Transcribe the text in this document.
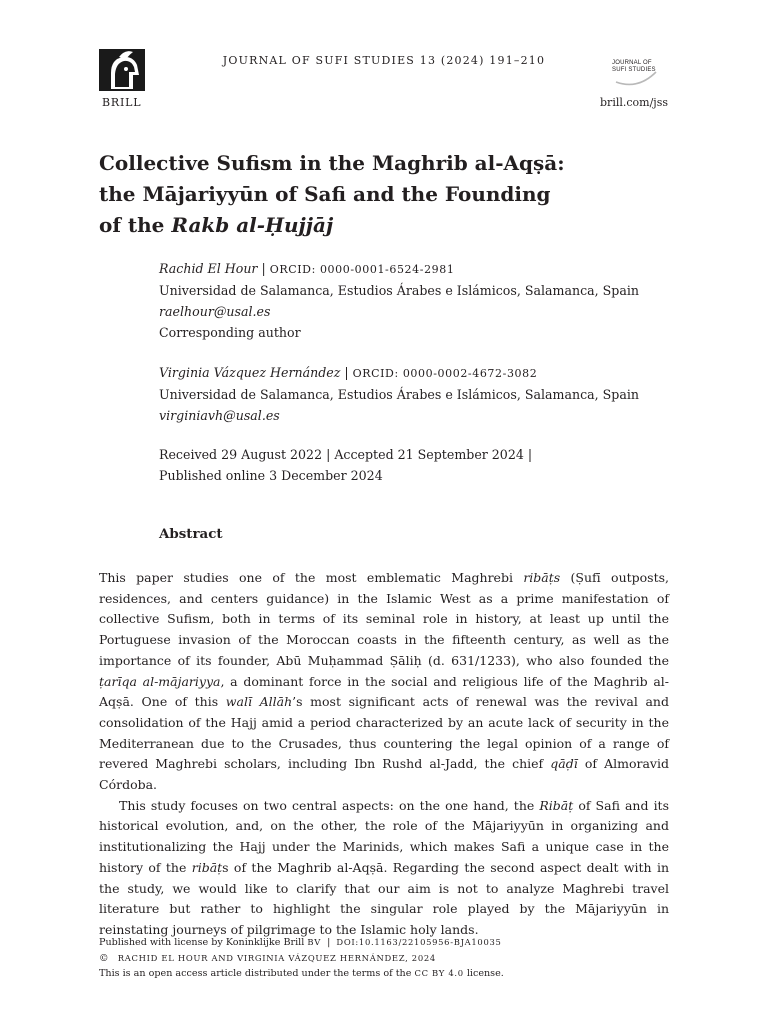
BRILL
JOURNAL OF SUFI STUDIES 13 (2024) 191–210	JOURNAL OF
SUFI STUDIES
brill.com/jss
Collective Sufism in the Maghrib al-Aqṣā:
the Mājariyyūn of Safi and the Founding
of the Rakb al-Ḥujjāj
Rachid El Hour | ORCID: 0000-0001-6524-2981
Universidad de Salamanca, Estudios Árabes e Islámicos, Salamanca, Spain
raelhour@usal.es
Corresponding author
Virginia Vázquez Hernández | ORCID: 0000-0002-4672-3082
Universidad de Salamanca, Estudios Árabes e Islámicos, Salamanca, Spain
virginiavh@usal.es
Received 29 August 2022 | Accepted 21 September 2024 |
Published online 3 December 2024
Abstract

This paper studies one of the most emblematic Maghrebi ribāṭs (Ṣufī outposts, residences, and centers guidance) in the Islamic West as a prime manifestation of collective Sufism, both in terms of its seminal role in history, at least up until the Portuguese invasion of the Moroccan coasts in the fifteenth century, as well as the importance of its founder, Abū Muḥammad Ṣāliḥ (d. 631/1233), who also founded the ṭarīqa al-mājariyya, a dominant force in the social and religious life of the Maghrib al-Aqṣā. One of this walī Allāh’s most significant acts of renewal was the revival and consolidation of the Hajj amid a period characterized by an acute lack of security in the Mediterranean due to the Crusades, thus countering the legal opinion of a range of revered Maghrebi scholars, including Ibn Rushd al-Jadd, the chief qāḍī of Almoravid Córdoba.

This study focuses on two central aspects: on the one hand, the Ribāṭ of Safi and its historical evolution, and, on the other, the role of the Mājariyyūn in organizing and institutionalizing the Hajj under the Marinids, which makes Safi a unique case in the history of the ribāṭs of the Maghrib al-Aqṣā. Regarding the second aspect dealt with in the study, we would like to clarify that our aim is not to analyze Maghrebi travel literature but rather to highlight the singular role played by the Mājariyyūn in reinstating journeys of pilgrimage to the Islamic holy lands.

Published with license by Koninklijke Brill BV | DOI:10.1163/22105956-BJA10035
© RACHID EL HOUR AND VIRGINIA VÁZQUEZ HERNÁNDEZ, 2024
This is an open access article distributed under the terms of the CC BY 4.0 license.
